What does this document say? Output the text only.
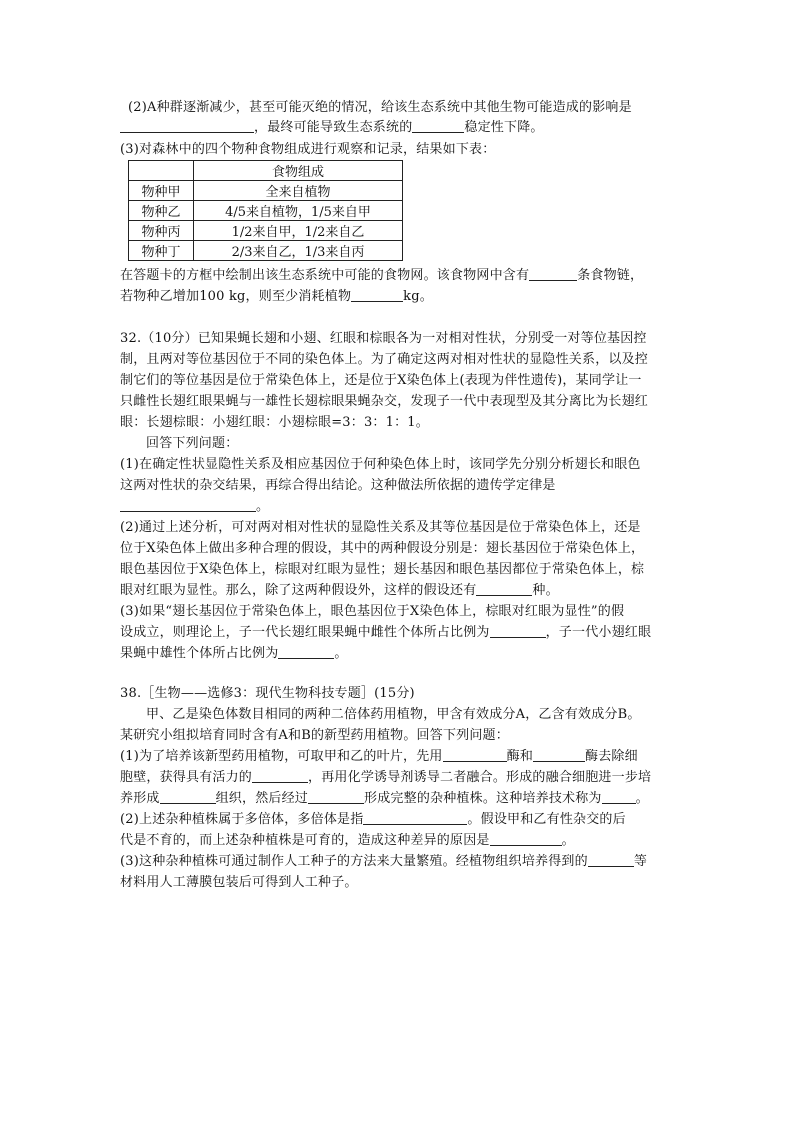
(2)A种群逐渐减少，甚至可能灭绝的情况，给该生态系统中其他生物可能造成的影响是
，最终可能导致生态系统的	稳定性下降。
(3)对森林中的四个物种食物组成进行观察和记录，结果如下表：
	食物组成
物种甲	全来自植物
物种乙	4/5来自植物，1/5来自甲
物种丙	1/2来自甲，1/2来自乙
物种丁	2/3来自乙，1/3来自丙
在答题卡的方框中绘制出该生态系统中可能的食物网。该食物网中含有	条食物链，
若物种乙增加100 kg，则至少消耗植物	kg。
32.（10分）已知果蝇长翅和小翅、红眼和棕眼各为一对相对性状，分别受一对等位基因控
制，且两对等位基因位于不同的染色体上。为了确定这两对相对性状的显隐性关系，以及控
制它们的等位基因是位于常染色体上，还是位于X染色体上(表现为伴性遗传)，某同学让一
只雌性长翅红眼果蝇与一雄性长翅棕眼果蝇杂交，发现子一代中表现型及其分离比为长翅红
眼：长翅棕眼：小翅红眼：小翅棕眼=3：3：1：1。
回答下列问题：
(1)在确定性状显隐性关系及相应基因位于何种染色体上时，该同学先分别分析翅长和眼色
这两对性状的杂交结果，再综合得出结论。这种做法所依据的遗传学定律是
。
(2)通过上述分析，可对两对相对性状的显隐性关系及其等位基因是位于常染色体上，还是
位于X染色体上做出多种合理的假设，其中的两种假设分别是：翅长基因位于常染色体上，
眼色基因位于X染色体上，棕眼对红眼为显性；翅长基因和眼色基因都位于常染色体上，棕
眼对红眼为显性。那么，除了这两种假设外，这样的假设还有	种。
(3)如果“翅长基因位于常染色体上，眼色基因位于X染色体上，棕眼对红眼为显性”的假
设成立，则理论上，子一代长翅红眼果蝇中雌性个体所占比例为	，子一代小翅红眼
果蝇中雄性个体所占比例为	。
38.［生物——选修3：现代生物科技专题］(15分)
甲、乙是染色体数目相同的两种二倍体药用植物，甲含有效成分A，乙含有效成分B。
某研究小组拟培育同时含有A和B的新型药用植物。回答下列问题：
(1)为了培养该新型药用植物，可取甲和乙的叶片，先用	酶和	酶去除细
胞壁，获得具有活力的	，再用化学诱导剂诱导二者融合。形成的融合细胞进一步培
养形成	组织，然后经过	形成完整的杂种植株。这种培养技术称为	。
(2)上述杂种植株属于多倍体，多倍体是指	。假设甲和乙有性杂交的后
代是不育的，而上述杂种植株是可育的，造成这种差异的原因是	。
(3)这种杂种植株可通过制作人工种子的方法来大量繁殖。经植物组织培养得到的	等
材料用人工薄膜包装后可得到人工种子。
